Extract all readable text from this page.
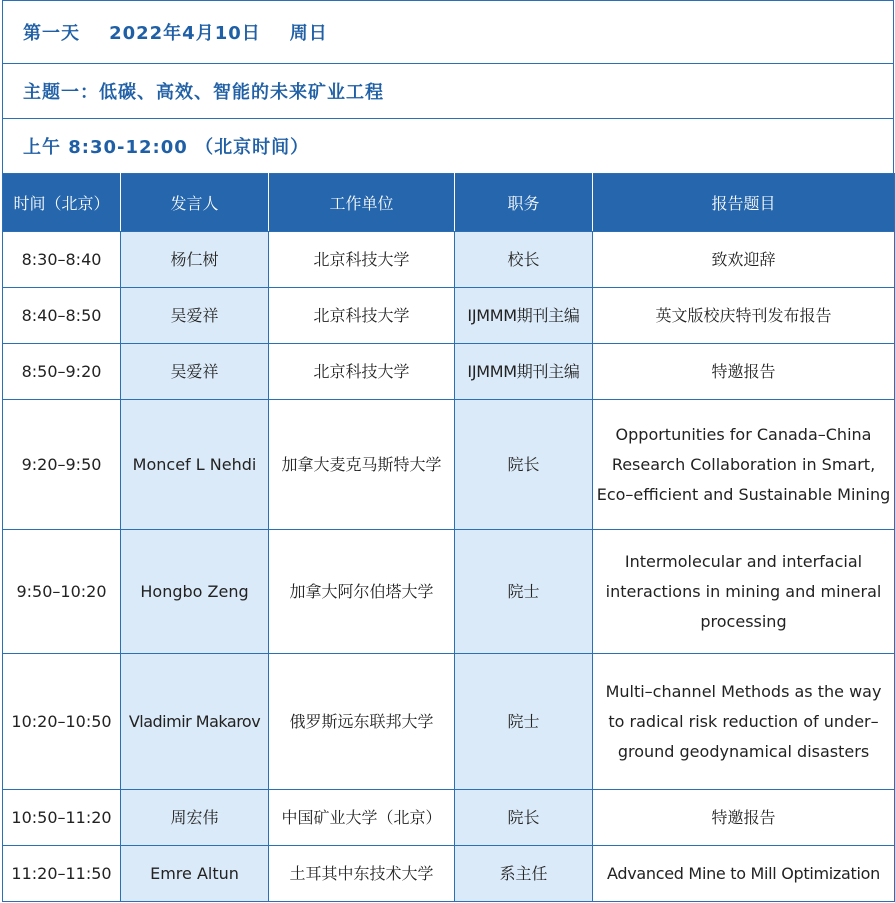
第一天    2022年4月10日    周日
主题一：低碳、高效、智能的未来矿业工程
上午 8:30-12:00 （北京时间）
时间（北京）	发言人	工作单位	职务	报告题目
8:30–8:40	杨仁树	北京科技大学	校长	致欢迎辞
8:40–8:50	吴爱祥	北京科技大学	IJMMM期刊主编	英文版校庆特刊发布报告
8:50–9:20	吴爱祥	北京科技大学	IJMMM期刊主编	特邀报告
9:20–9:50	Moncef L Nehdi	加拿大麦克马斯特大学	院长	Opportunities for Canada–China Research Collaboration in Smart, Eco–efficient and Sustainable Mining
9:50–10:20	Hongbo Zeng	加拿大阿尔伯塔大学	院士	Intermolecular and interfacial interactions in mining and mineral processing
10:20–10:50	Vladimir Makarov	俄罗斯远东联邦大学	院士	Multi–channel Methods as the way to radical risk reduction of under–ground geodynamical disasters
10:50–11:20	周宏伟	中国矿业大学（北京）	院长	特邀报告
11:20–11:50	Emre Altun	土耳其中东技术大学	系主任	Advanced Mine to Mill Optimization
